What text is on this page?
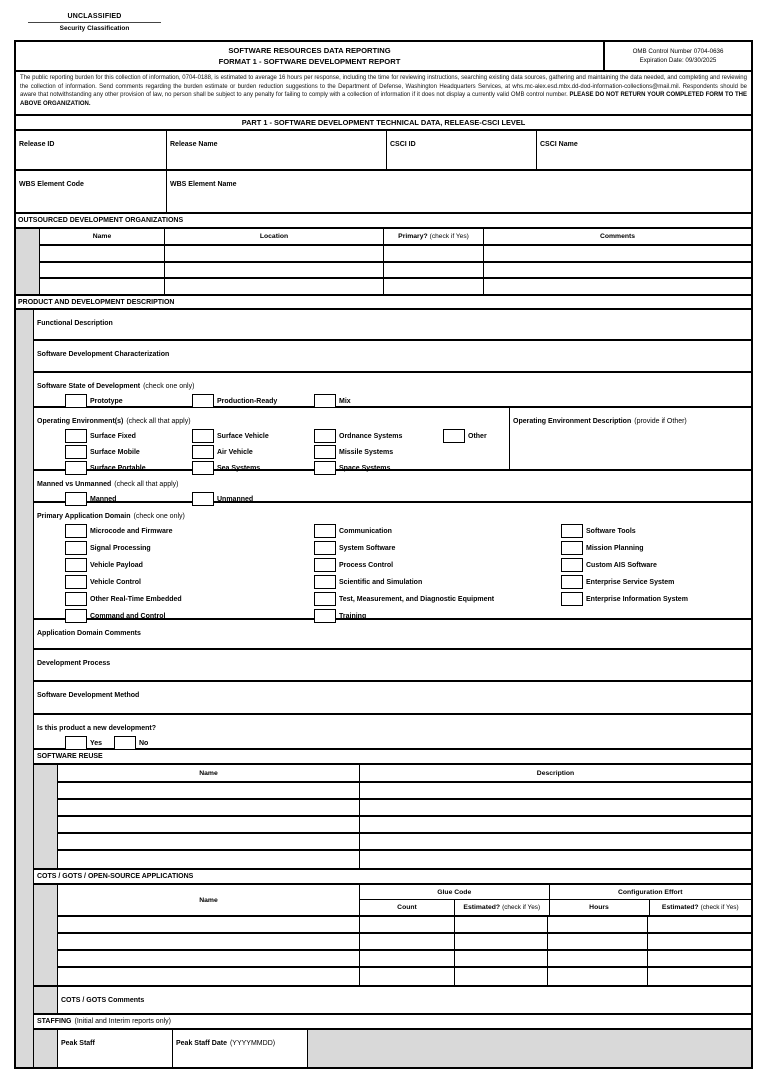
UNCLASSIFIED
Security Classification
SOFTWARE RESOURCES DATA REPORTING
FORMAT 1 - SOFTWARE DEVELOPMENT REPORT
OMB Control Number 0704-0636
Expiration Date: 09/30/2025
The public reporting burden for this collection of information, 0704-0188, is estimated to average 16 hours per response, including the time for reviewing instructions, searching existing data sources, gathering and maintaining the data needed, and completing and reviewing the collection of information. Send comments regarding the burden estimate or burden reduction suggestions to the Department of Defense, Washington Headquarters Services, at whs.mc-alex.esd.mbx.dd-dod-information-collections@mail.mil. Respondents should be aware that notwithstanding any other provision of law, no person shall be subject to any penalty for failing to comply with a collection of information if it does not display a currently valid OMB control number. PLEASE DO NOT RETURN YOUR COMPLETED FORM TO THE ABOVE ORGANIZATION.
PART 1 - SOFTWARE DEVELOPMENT TECHNICAL DATA, RELEASE-CSCI LEVEL
Release ID	Release Name	CSCI ID	CSCI Name
WBS Element Code	WBS Element Name
OUTSOURCED DEVELOPMENT ORGANIZATIONS
Name	Location	Primary? (check if Yes)	Comments
PRODUCT AND DEVELOPMENT DESCRIPTION
Functional Description
Software Development Characterization
Software State of Development (check one only)
Prototype	Production-Ready	Mix
Operating Environment(s) (check all that apply)
Surface Fixed	Surface Vehicle	Ordnance Systems	Other
Surface Mobile	Air Vehicle	Missile Systems
Surface Portable	Sea Systems	Space Systems
Operating Environment Description (provide if Other)
Manned vs Unmanned (check all that apply)
Manned	Unmanned
Primary Application Domain (check one only)
Microcode and Firmware	Communication	Software Tools
Signal Processing	System Software	Mission Planning
Vehicle Payload	Process Control	Custom AIS Software
Vehicle Control	Scientific and Simulation	Enterprise Service System
Other Real-Time Embedded	Test, Measurement, and Diagnostic Equipment	Enterprise Information System
Command and Control	Training
Application Domain Comments
Development Process
Software Development Method
Is this product a new development?
Yes	No
SOFTWARE REUSE
Name	Description
COTS / GOTS / OPEN-SOURCE APPLICATIONS
Name
Glue Code
Count	Estimated? (check if Yes)
Configuration Effort
Hours	Estimated? (check if Yes)
COTS / GOTS Comments
STAFFING (Initial and Interim reports only)
Peak Staff	Peak Staff Date (YYYYMMDD)
